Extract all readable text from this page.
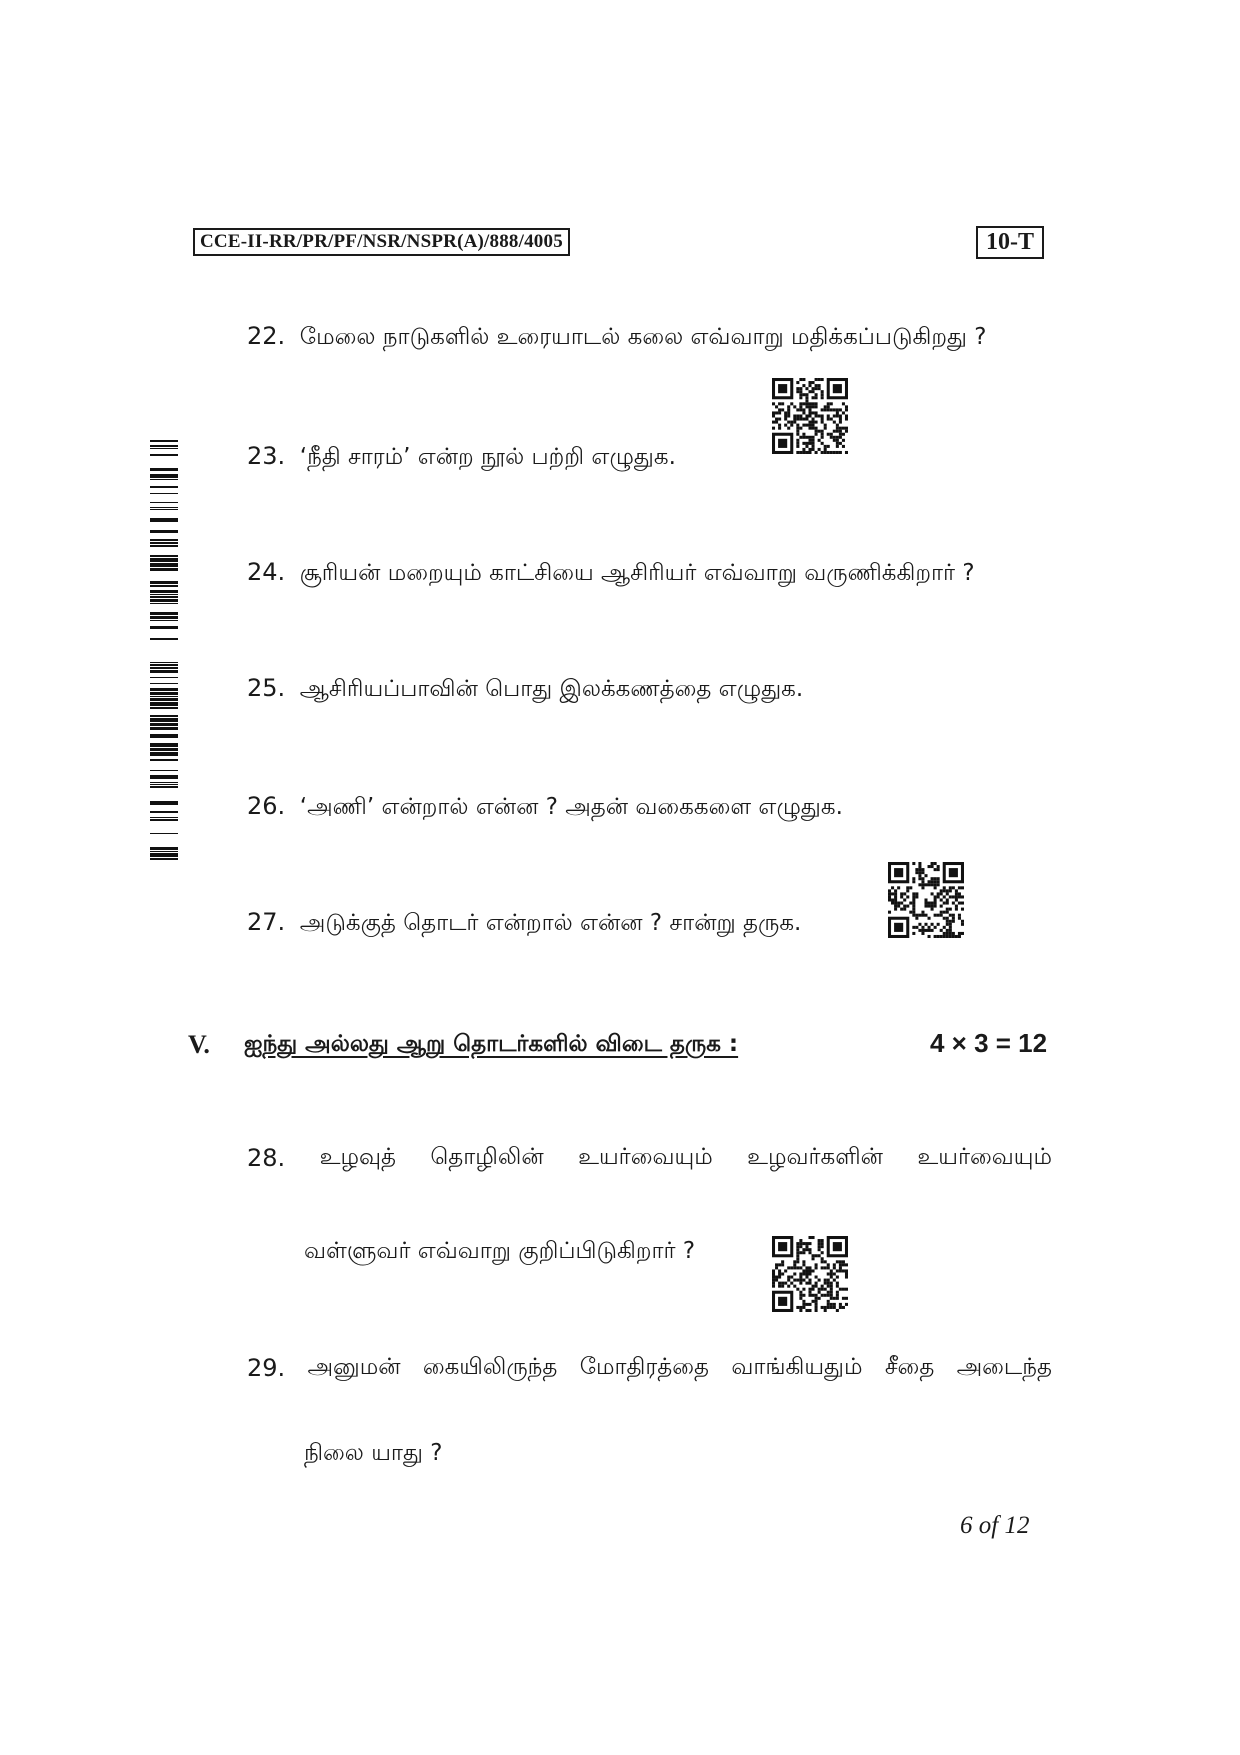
CCE-II-RR/PR/PF/NSR/NSPR(A)/888/4005	10-T
22. மேலை நாடுகளில் உரையாடல் கலை எவ்வாறு மதிக்கப்படுகிறது ?
23. ‘நீதி சாரம்’ என்ற நூல் பற்றி எழுதுக.
24. சூரியன் மறையும் காட்சியை ஆசிரியர் எவ்வாறு வருணிக்கிறார் ?
25. ஆசிரியப்பாவின் பொது இலக்கணத்தை எழுதுக.
26. ‘அணி’ என்றால் என்ன ? அதன் வகைகளை எழுதுக.
27. அடுக்குத் தொடர் என்றால் என்ன ? சான்று தருக.
V. ஐந்து அல்லது ஆறு தொடர்களில் விடை தருக :	4 × 3 = 12
28. உழவுத் தொழிலின் உயர்வையும் உழவர்களின் உயர்வையும்
வள்ளுவர் எவ்வாறு குறிப்பிடுகிறார் ?
29. அனுமன் கையிலிருந்த மோதிரத்தை வாங்கியதும் சீதை அடைந்த
நிலை யாது ?
6 of 12
